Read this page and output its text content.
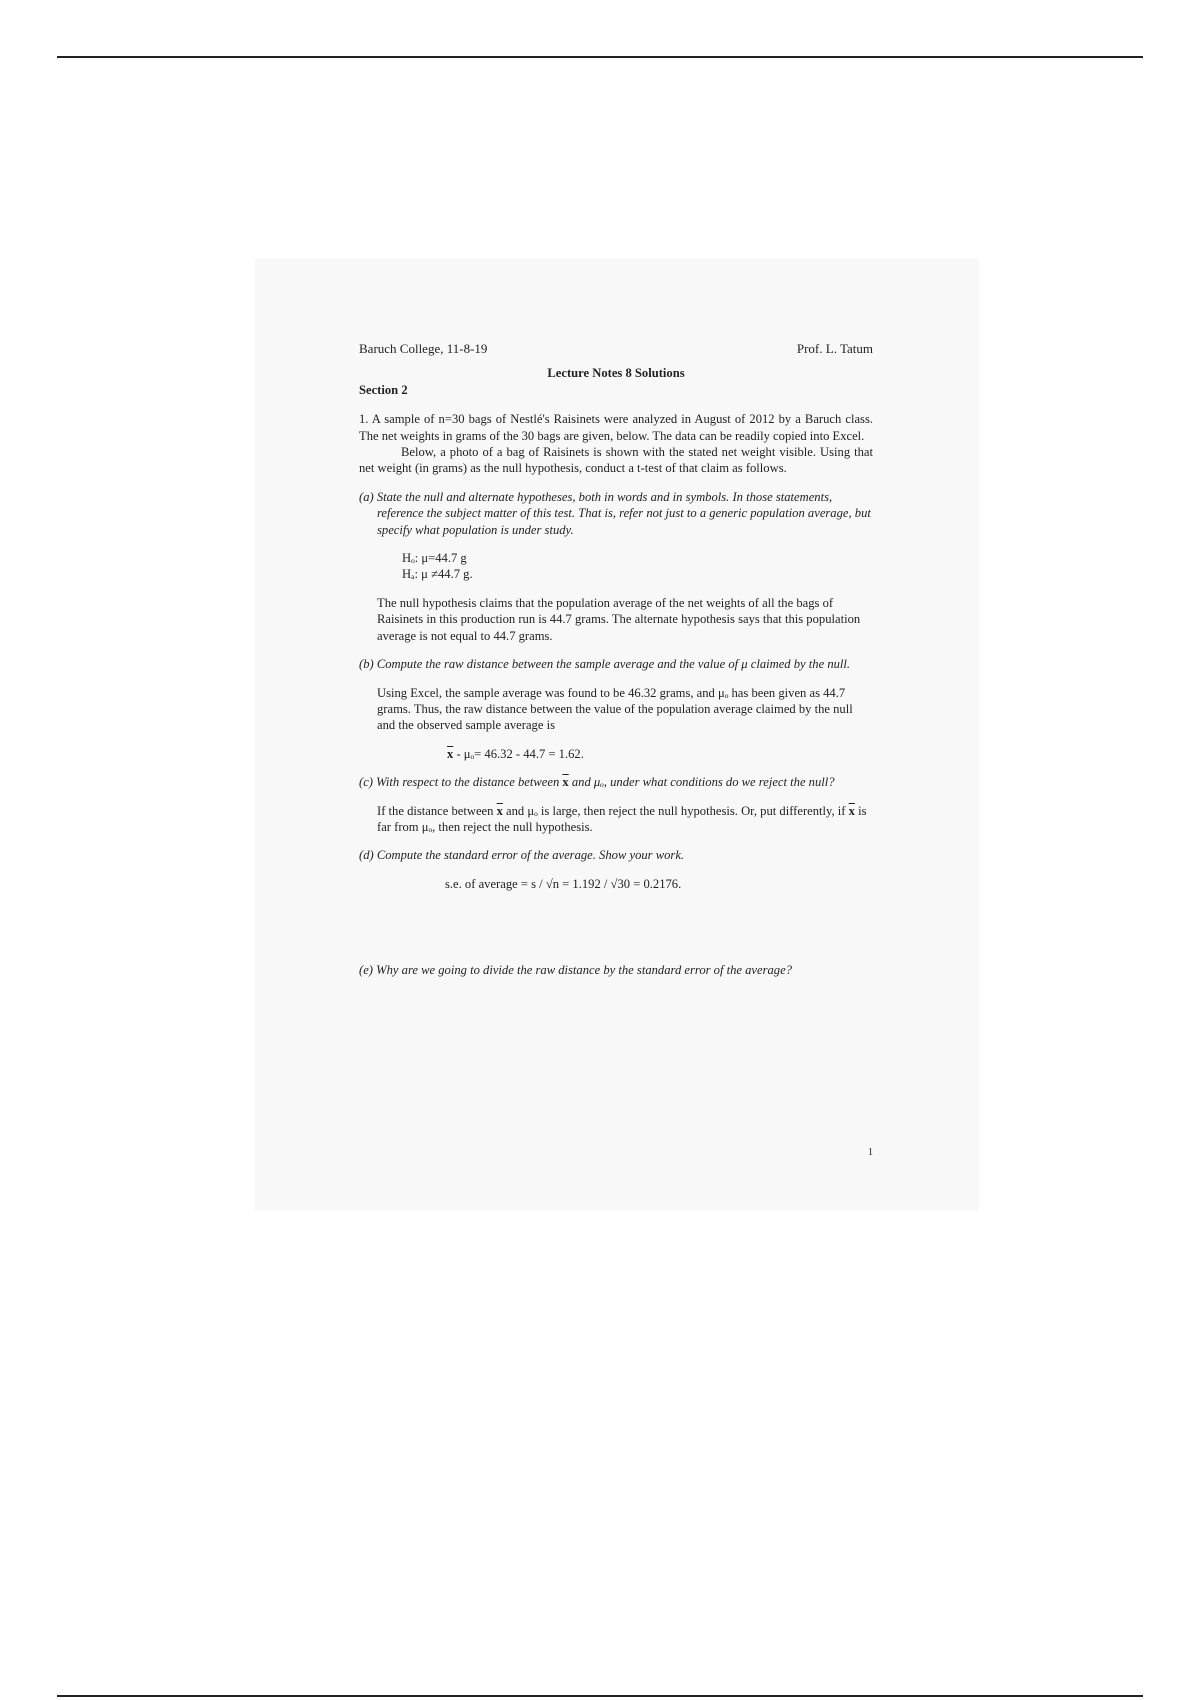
Baruch College, 11-8-19	Prof. L. Tatum
Lecture Notes 8 Solutions
Section 2

1. A sample of n=30 bags of Nestlé's Raisinets were analyzed in August of 2012 by a Baruch class. The net weights in grams of the 30 bags are given, below. The data can be readily copied into Excel.

Below, a photo of a bag of Raisinets is shown with the stated net weight visible. Using that net weight (in grams) as the null hypothesis, conduct a t-test of that claim as follows.

(a) State the null and alternate hypotheses, both in words and in symbols. In those statements, reference the subject matter of this test. That is, refer not just to a generic population average, but specify what population is under study.

Hₒ: μ=44.7 g
Hₐ: μ ≠44.7 g.

The null hypothesis claims that the population average of the net weights of all the bags of Raisinets in this production run is 44.7 grams. The alternate hypothesis says that this population average is not equal to 44.7 grams.

(b) Compute the raw distance between the sample average and the value of μ claimed by the null.

Using Excel, the sample average was found to be 46.32 grams, and μₒ has been given as 44.7 grams. Thus, the raw distance between the value of the population average claimed by the null and the observed sample average is

$\overline{x} - \mu_o= 46.32 - 44.7 = 1.62$.

(c) With respect to the distance between $\overline{x}$ and μₒ, under what conditions do we reject the null?

If the distance between $\overline{x}$ and μₒ is large, then reject the null hypothesis. Or, put differently, if $\overline{x}$ is far from μₒ, then reject the null hypothesis.

(d) Compute the standard error of the average. Show your work.

s.e. of average = s / √n = 1.192 / √30 = 0.2176.

(e) Why are we going to divide the raw distance by the standard error of the average?

1
